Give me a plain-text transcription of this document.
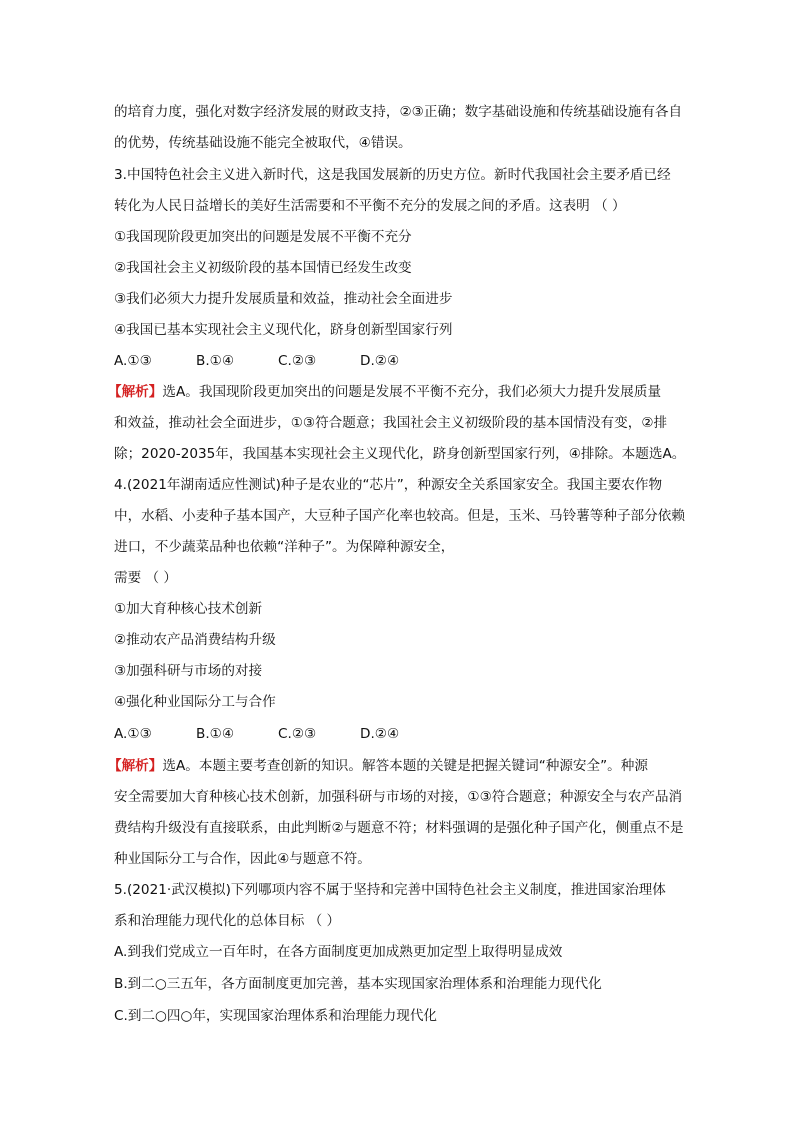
的培育力度，强化对数字经济发展的财政支持，②③正确；数字基础设施和传统基础设施有各自
的优势，传统基础设施不能完全被取代，④错误。
3.中国特色社会主义进入新时代，这是我国发展新的历史方位。新时代我国社会主要矛盾已经
转化为人民日益增长的美好生活需要和不平衡不充分的发展之间的矛盾。这表明 （ ）
①我国现阶段更加突出的问题是发展不平衡不充分
②我国社会主义初级阶段的基本国情已经发生改变
③我们必须大力提升发展质量和效益，推动社会全面进步
④我国已基本实现社会主义现代化，跻身创新型国家行列
A.①③	B.①④	C.②③	D.②④
【解析】选A。我国现阶段更加突出的问题是发展不平衡不充分，我们必须大力提升发展质量
和效益，推动社会全面进步，①③符合题意；我国社会主义初级阶段的基本国情没有变，②排
除；2020-2035年，我国基本实现社会主义现代化，跻身创新型国家行列，④排除。本题选A。
4.(2021年湖南适应性测试)种子是农业的“芯片”，种源安全关系国家安全。我国主要农作物
中，水稻、小麦种子基本国产，大豆种子国产化率也较高。但是，玉米、马铃薯等种子部分依赖
进口，不少蔬菜品种也依赖“洋种子”。为保障种源安全，
需要 （ ）
①加大育种核心技术创新
②推动农产品消费结构升级
③加强科研与市场的对接
④强化种业国际分工与合作
A.①③	B.①④	C.②③	D.②④
【解析】选A。本题主要考查创新的知识。解答本题的关键是把握关键词“种源安全”。种源
安全需要加大育种核心技术创新，加强科研与市场的对接，①③符合题意；种源安全与农产品消
费结构升级没有直接联系，由此判断②与题意不符；材料强调的是强化种子国产化，侧重点不是
种业国际分工与合作，因此④与题意不符。
5.(2021·武汉模拟)下列哪项内容不属于坚持和完善中国特色社会主义制度，推进国家治理体
系和治理能力现代化的总体目标 （ ）
A.到我们党成立一百年时，在各方面制度更加成熟更加定型上取得明显成效
B.到二○三五年，各方面制度更加完善，基本实现国家治理体系和治理能力现代化
C.到二○四○年，实现国家治理体系和治理能力现代化
